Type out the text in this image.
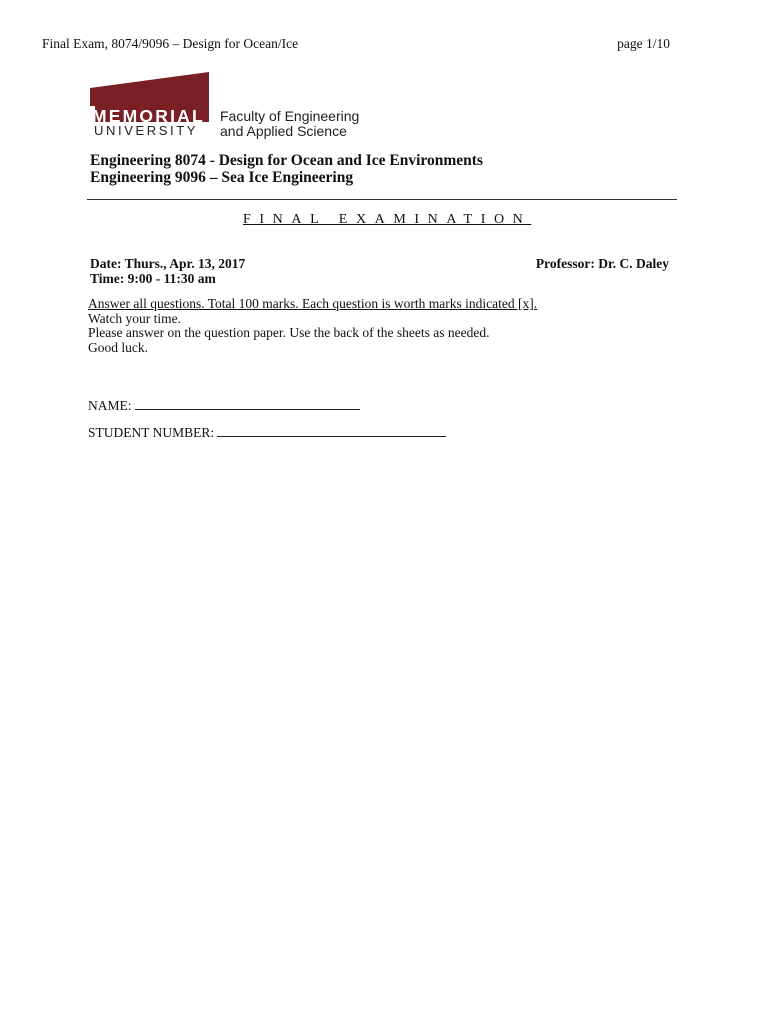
Final Exam, 8074/9096 – Design for Ocean/Ice	page 1/10
MEMORIAL
UNIVERSITY
Faculty of Engineering
and Applied Science
Engineering 8074 - Design for Ocean and Ice Environments
Engineering 9096 – Sea Ice Engineering
FINAL EXAMINATION
Date: Thurs., Apr. 13, 2017
Time: 9:00 - 11:30 am
Professor: Dr. C. Daley
Answer all questions. Total 100 marks. Each question is worth marks indicated [x].
Watch your time.
Please answer on the question paper. Use the back of the sheets as needed.
Good luck.
NAME:
STUDENT NUMBER:
